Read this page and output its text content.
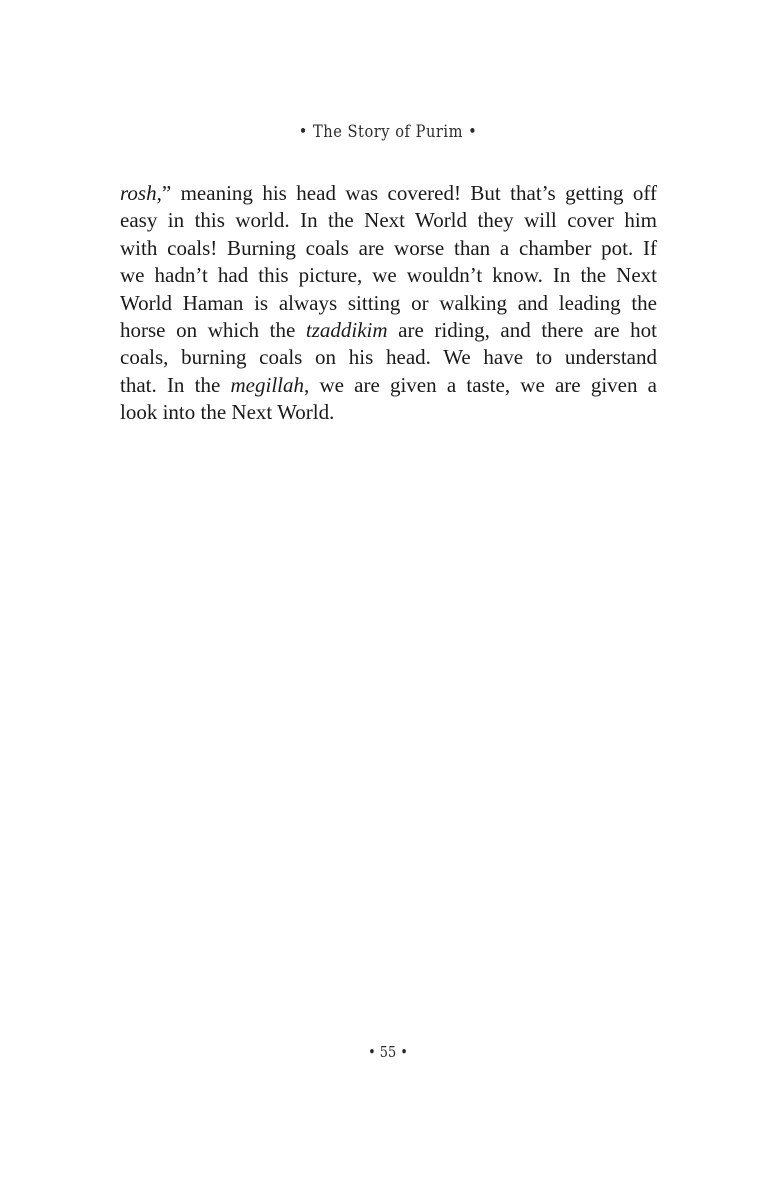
• The Story of Purim •
rosh,” meaning his head was covered! But that’s getting off
easy in this world. In the Next World they will cover him
with coals! Burning coals are worse than a chamber pot. If
we hadn’t had this picture, we wouldn’t know. In the Next
World Haman is always sitting or walking and leading the
horse on which the tzaddikim are riding, and there are hot
coals, burning coals on his head. We have to understand
that. In the megillah, we are given a taste, we are given a
look into the Next World.
• 55 •
